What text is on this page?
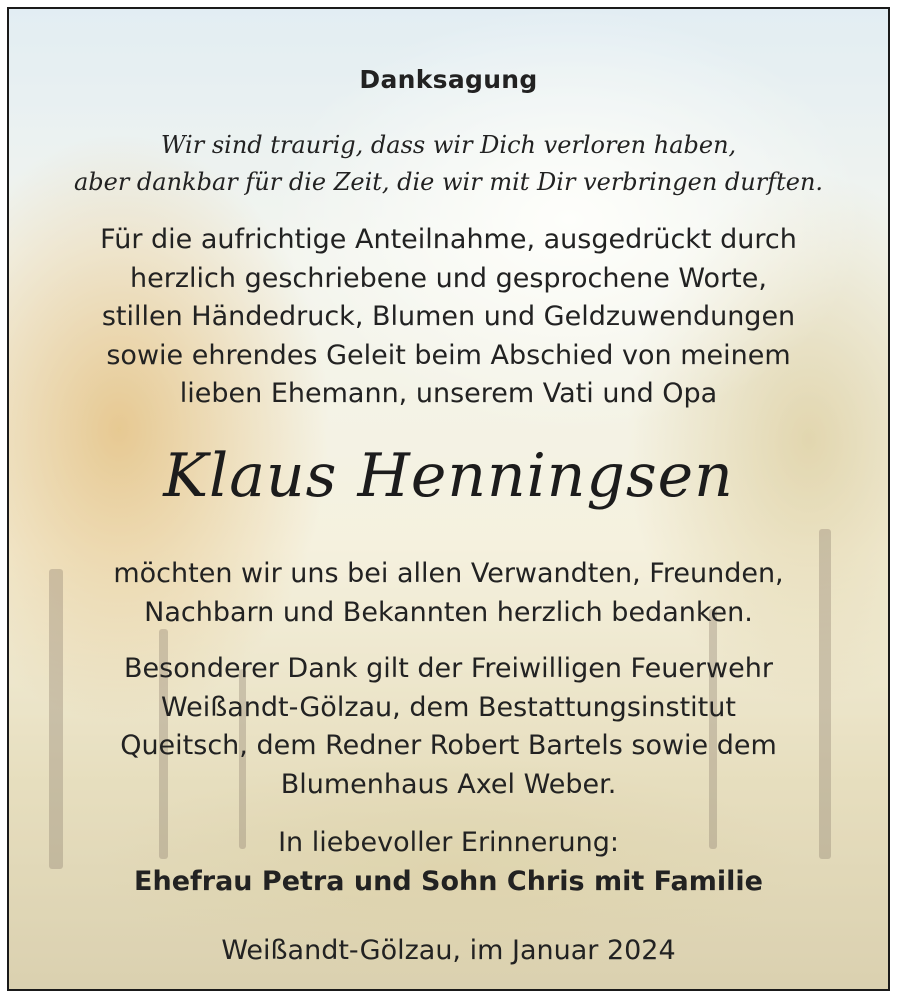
Danksagung
Wir sind traurig, dass wir Dich verloren haben,
aber dankbar für die Zeit, die wir mit Dir verbringen durften.
Für die aufrichtige Anteilnahme, ausgedrückt durch
herzlich geschriebene und gesprochene Worte,
stillen Händedruck, Blumen und Geldzuwendungen
sowie ehrendes Geleit beim Abschied von meinem
lieben Ehemann, unserem Vati und Opa
Klaus Henningsen
möchten wir uns bei allen Verwandten, Freunden,
Nachbarn und Bekannten herzlich bedanken.
Besonderer Dank gilt der Freiwilligen Feuerwehr
Weißandt-Gölzau, dem Bestattungsinstitut
Queitsch, dem Redner Robert Bartels sowie dem
Blumenhaus Axel Weber.
In liebevoller Erinnerung:
Ehefrau Petra und Sohn Chris mit Familie
Weißandt-Gölzau, im Januar 2024
